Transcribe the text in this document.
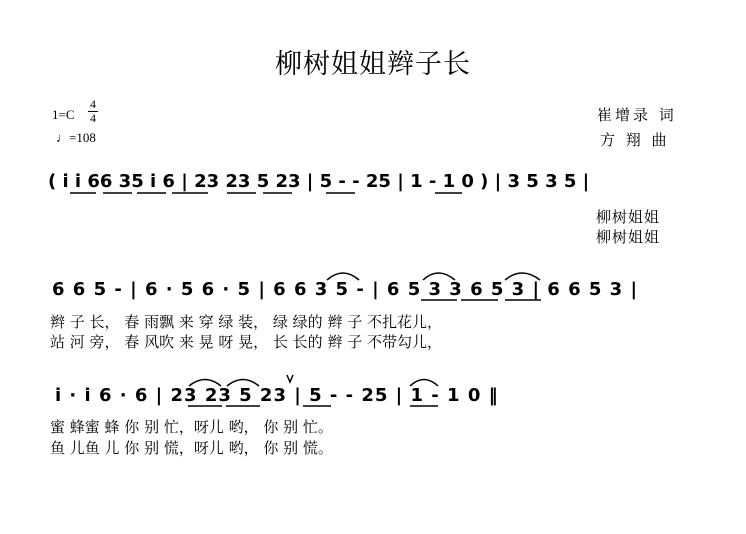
柳树姐姐辫子长
1=C
4
4
♩=108
崔增录 词
方 翔 曲
( i i 66 35 i 6 | 23 23 5 23 | 5 - - 25 | 1 - 1 0 ) | 3 5 3 5 |
柳树姐姐
柳树姐姐
6 6 5 - | 6 · 5 6 · 5 | 6 6 3 5 - | 6 5 3 3 6 5 3 | 6 6 5 3 |
辫 子 长， 春 雨飘 来 穿 绿 装， 绿 绿的 辫 子 不扎花儿，
站 河 旁， 春 风吹 来 晃 呀 晃， 长 长的 辫 子 不带勾儿，
i · i 6 · 6 | 23 23 5 23 | 5 - - 25 | 1 - 1 0 ‖
蜜 蜂蜜 蜂 你 别 忙，呀儿 哟， 你 别 忙。
鱼 儿鱼 儿 你 别 慌，呀儿 哟， 你 别 慌。
